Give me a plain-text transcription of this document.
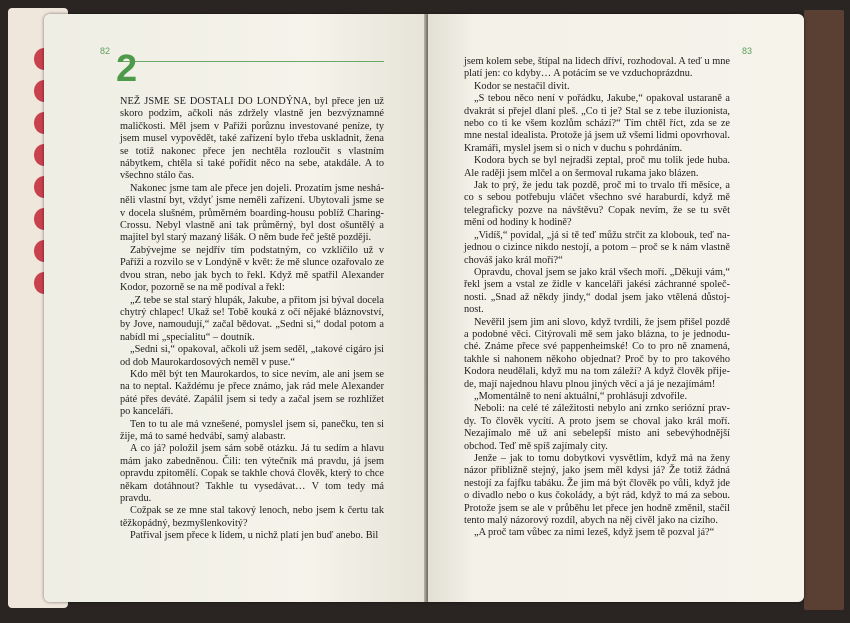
82 2

NEŽ JSME SE DOSTALI DO LONDÝNA, byl přece jen už skoro podzim, ačkoli nás zdržely vlastně jen bezvýznamné maličkosti. Měl jsem v Paříži porůznu investované peníze, ty jsem musel vypovědět, také zařízení bylo třeba uskladnit, žena se totiž nakonec přece jen nechtěla rozloučit s vlastním nábytkem, chtěla si také pořídit něco na sebe, atakdále. A to všechno stálo čas.

Nakonec jsme tam ale přece jen dojeli. Prozatím jsme nesháněli vlastní byt, vždyť jsme neměli zařízení. Ubytovali jsme se v docela slušném, průměrném boarding-housu poblíž Charing-Crossu. Nebyl vlastně ani tak průměrný, byl dost ošuntělý a majitel byl starý mazaný lišák. O něm bude řeč ještě později.

Zabývejme se nejdřív tím podstatným, co vzklíčilo už v Paříži a rozvilo se v Londýně v květ: že mě slunce ozařovalo ze dvou stran, nebo jak bych to řekl. Když mě spatřil Alexander Kodor, pozorně se na mě podíval a řekl:

„Z tebe se stal starý hlupák, Jakube, a přitom jsi býval docela chytrý chlapec! Ukaž se! Tobě kouká z očí nějaké bláznovství, by Jove, namoudují,“ začal bědovat. „Sedni si,“ dodal potom a nabídl mi „specialitu“ – doutník.

„Sedni si,“ opakoval, ačkoli už jsem seděl, „takové cigáro jsi od dob Maurokardosových neměl v puse.“

Kdo měl být ten Maurokardos, to sice nevím, ale ani jsem se na to neptal. Každému je přece známo, jak rád mele Alexander páté přes deváté. Zapálil jsem si tedy a začal jsem se rozhlížet po kanceláři.

Ten to tu ale má vznešené, pomyslel jsem si, panečku, ten si žije, má to samé hedvábí, samý alabastr.

A co já? položil jsem sám sobě otázku. Já tu sedím a hlavu mám jako zabedněnou. Čili: ten výtečník má pravdu, já jsem opravdu zpitomělí. Copak se takhle chová člověk, který to chce někam dotáhnout? Takhle tu vysedávat… V tom tedy má pravdu.

Cožpak se ze mne stal takový lenoch, nebo jsem k čertu tak těžkopádný, bezmyšlenkovitý?

Patřival jsem přece k lidem, u nichž platí jen buď anebo. Bil

83

jsem kolem sebe, štípal na lidech dříví, rozhodoval. A teď u mne platí jen: co kdyby… A potácím se ve vzduchoprázdnu.

Kodor se nestačil divit.

„S tebou něco není v pořádku, Jakube,“ opakoval ustaraně a dvakrát si přejel dlaní pleš. „Co ti je? Stal se z tebe iluzionista, nebo co ti ke všem kozlům schází?“ Tím chtěl říct, zda se ze mne nestal idealista. Protože já jsem už všemi lidmi opovrhoval. Kramáři, myslel jsem si o nich v duchu s pohrdáním.

Kodora bych se byl nejradši zeptal, proč mu tolik jede huba. Ale raději jsem mlčel a on šermoval rukama jako blázen.

Jak to prý, že jedu tak pozdě, proč mi to trvalo tři měsíce, a co s sebou potřebuju vláčet všechno své haraburdí, když mě telegraficky pozve na návštěvu? Copak nevím, že se tu svět mění od hodiny k hodině?

„Vidíš,“ povídal, „já si tě teď můžu strčit za klobouk, teď najednou o cizince nikdo nestojí, a potom – proč se k nám vlastně chováš jako král moří?“

Opravdu, choval jsem se jako král všech moří. „Děkuji vám,“ řekl jsem a vstal ze židle v kanceláři jakési záchranné společnosti. „Snad až někdy jindy,“ dodal jsem jako vtělená důstojnost.

Nevěřil jsem jim ani slovo, když tvrdili, že jsem přišel pozdě a podobné věci. Citýrovali mě sem jako blázna, to je jednoduché. Známe přece své pappenheimské! Co to pro ně znamená, takhle si nahonem někoho objednat? Proč by to pro takového Kodora neudělali, když mu na tom záleží? A když člověk přijede, mají najednou hlavu plnou jiných věcí a já je nezajímám!

„Momentálně to není aktuální,“ prohlásuji zdvořile.

Neboli: na celé té záležitosti nebylo ani zrnko seriózní pravdy. To člověk vycítí. A proto jsem se choval jako král moří. Nezajímalo mě už ani sebelepší místo ani sebevýhodnější obchod. Teď mě spíš zajímaly city.

Jenže – jak to tomu dobytkovi vysvětlím, když má na ženy názor přibližně stejný, jako jsem měl kdysi já? Že totiž žádná nestojí za fajfku tabáku. Že jim má být člověk po vůli, když jde o divadlo nebo o kus čokolády, a být rád, když to má za sebou. Protože jsem se ale v průběhu let přece jen hodně změnil, stačil tento malý názorový rozdíl, abych na něj civěl jako na cizího.

„A proč tam vůbec za nimi lezeš, když jsem tě pozval já?“
